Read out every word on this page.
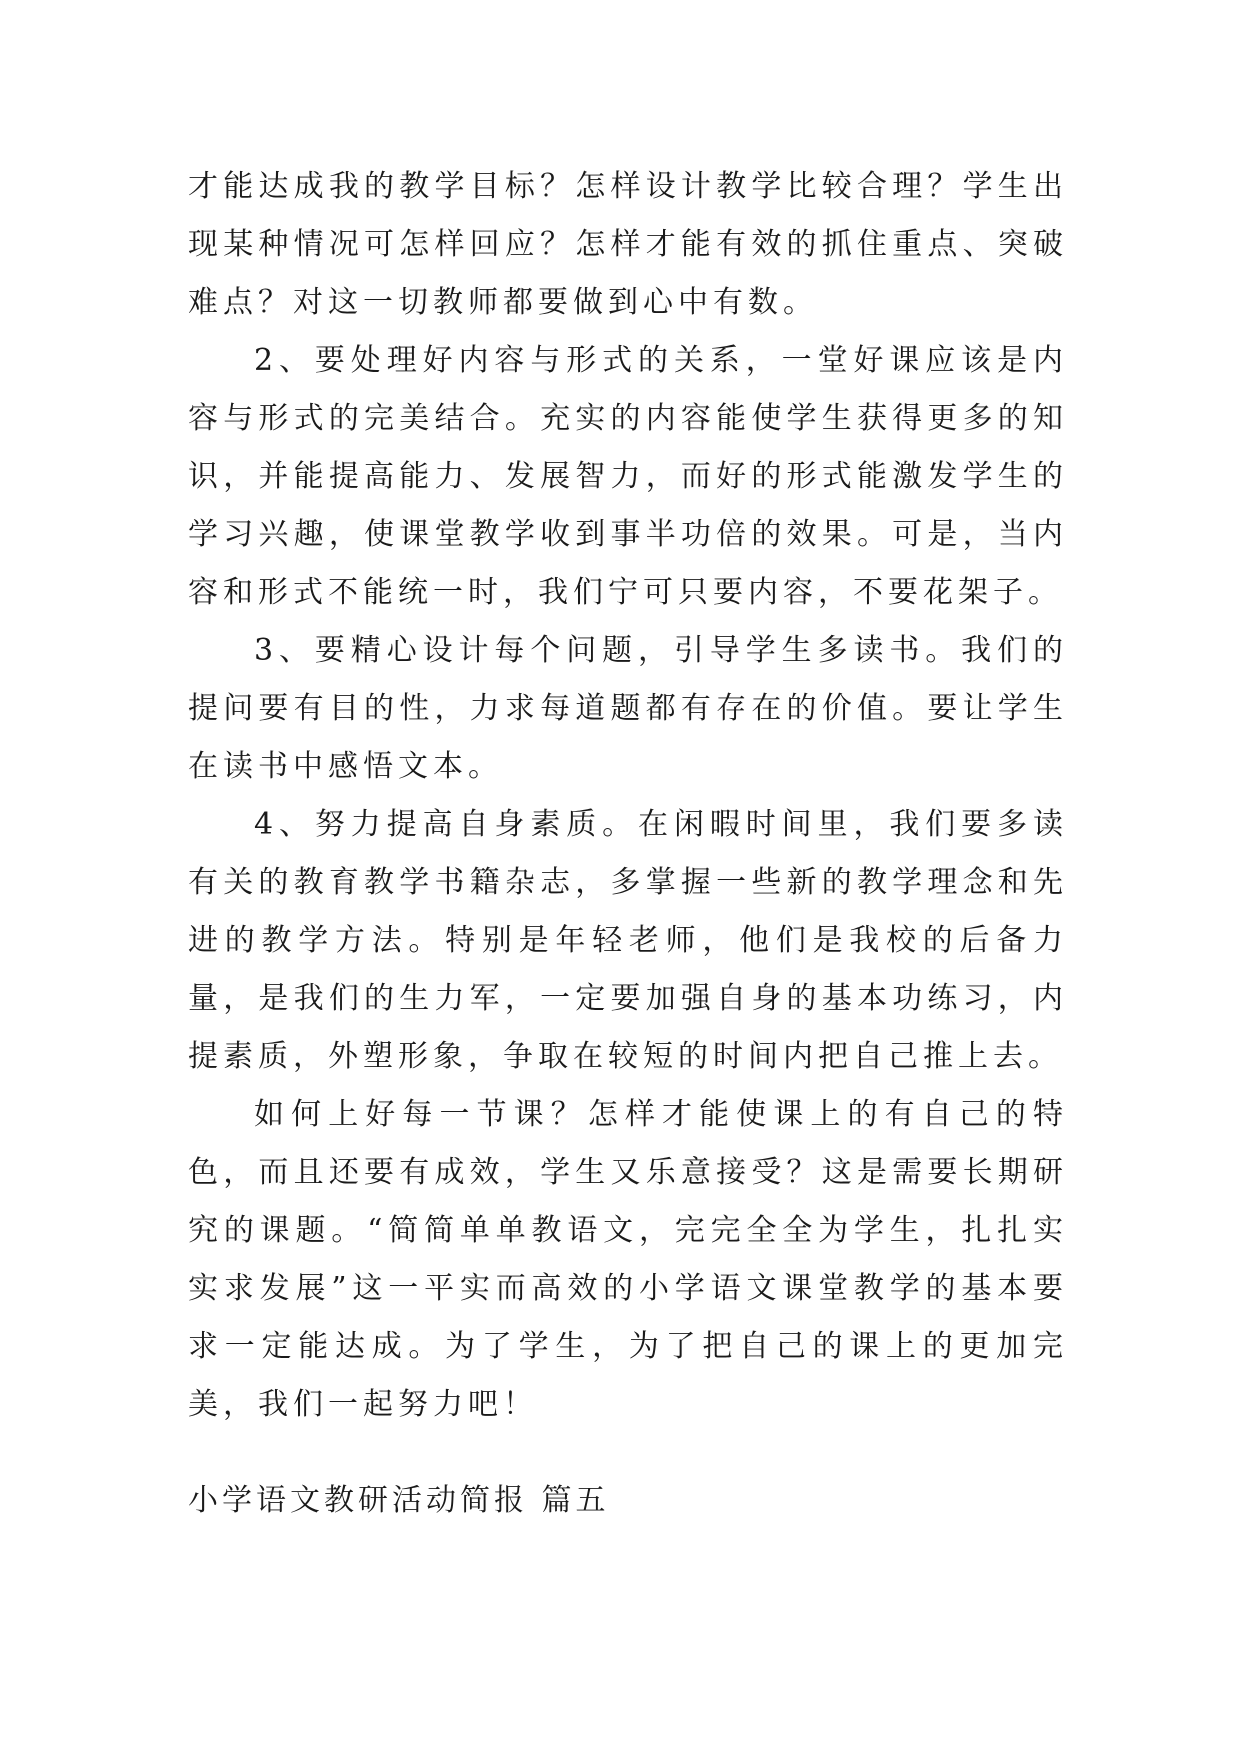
才能达成我的教学目标？怎样设计教学比较合理？学生出现某种情况可怎样回应？怎样才能有效的抓住重点、突破难点？对这一切教师都要做到心中有数。

2、要处理好内容与形式的关系，一堂好课应该是内容与形式的完美结合。充实的内容能使学生获得更多的知识，并能提高能力、发展智力，而好的形式能激发学生的学习兴趣，使课堂教学收到事半功倍的效果。可是，当内容和形式不能统一时，我们宁可只要内容，不要花架子。

3、要精心设计每个问题，引导学生多读书。我们的提问要有目的性，力求每道题都有存在的价值。要让学生在读书中感悟文本。

4、努力提高自身素质。在闲暇时间里，我们要多读有关的教育教学书籍杂志，多掌握一些新的教学理念和先进的教学方法。特别是年轻老师，他们是我校的后备力量，是我们的生力军，一定要加强自身的基本功练习，内提素质，外塑形象，争取在较短的时间内把自己推上去。

如何上好每一节课？怎样才能使课上的有自己的特色，而且还要有成效，学生又乐意接受？这是需要长期研究的课题。“简简单单教语文，完完全全为学生，扎扎实实求发展”这一平实而高效的小学语文课堂教学的基本要求一定能达成。为了学生，为了把自己的课上的更加完美，我们一起努力吧！

小学语文教研活动简报 篇五
